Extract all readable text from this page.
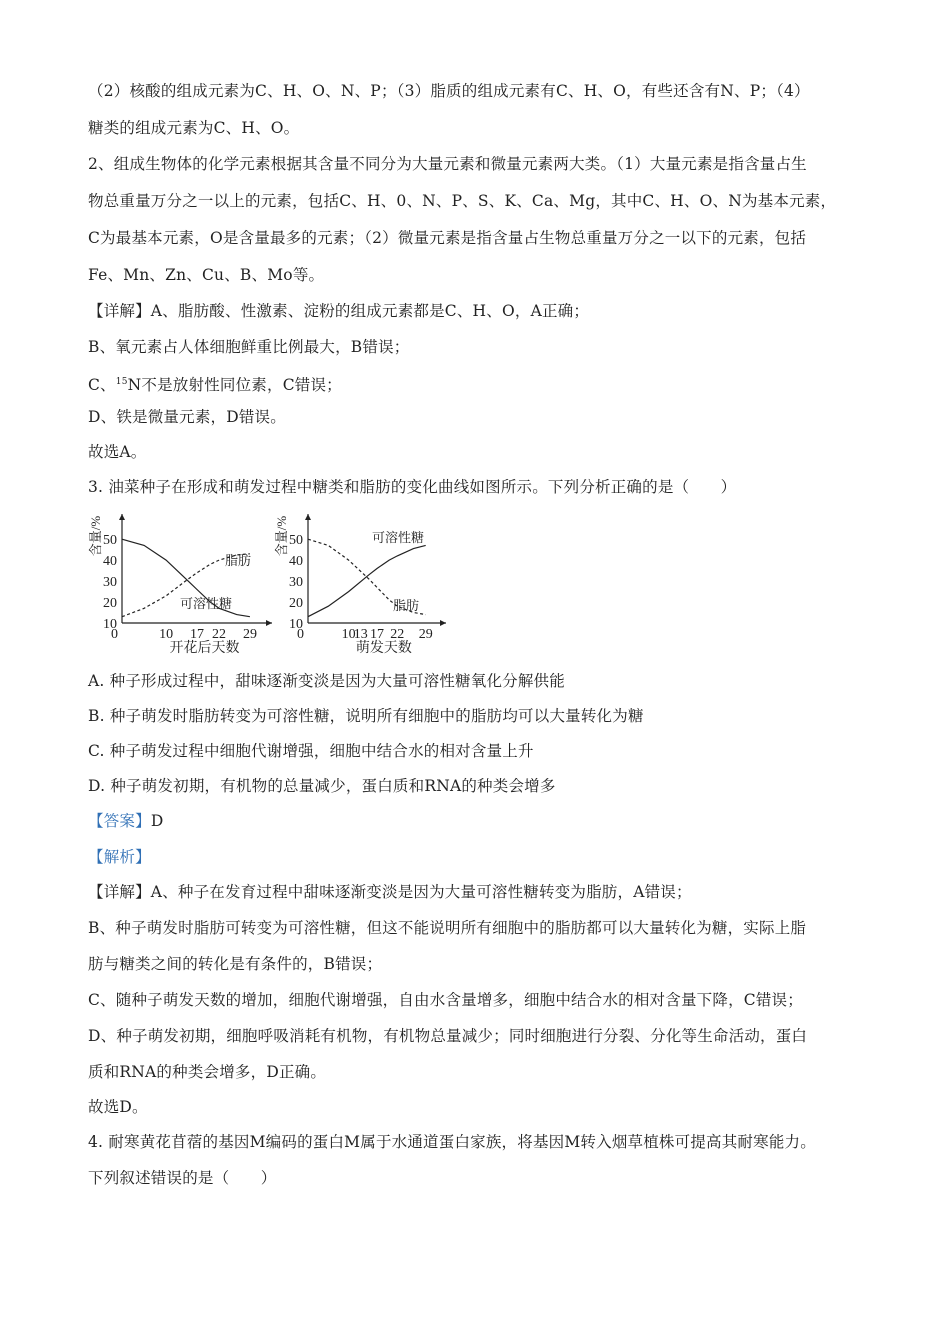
（2）核酸的组成元素为C、H、O、N、P；（3）脂质的组成元素有C、H、O，有些还含有N、P；（4）
糖类的组成元素为C、H、O。
2、组成生物体的化学元素根据其含量不同分为大量元素和微量元素两大类。（1）大量元素是指含量占生
物总重量万分之一以上的元素，包括C、H、0、N、P、S、K、Ca、Mg，其中C、H、O、N为基本元素，
C为最基本元素，O是含量最多的元素；（2）微量元素是指含量占生物总重量万分之一以下的元素，包括
Fe、Mn、Zn、Cu、B、Mo等。
【详解】A、脂肪酸、性激素、淀粉的组成元素都是C、H、O，A正确；
B、氧元素占人体细胞鲜重比例最大，B错误；
C、$^{15}$N不是放射性同位素，C错误；
D、铁是微量元素，D错误。
故选A。
3. 油菜种子在形成和萌发过程中糖类和脂肪的变化曲线如图所示。下列分析正确的是（　　）
10
20
30
40
50
0	10 17 22 29
含量/%
开花后天数
可溶性糖
脂肪
10
20
30
40
50
0	10
13 17 22 29
含量/%
萌发天数
可溶性糖
脂肪
A. 种子形成过程中，甜味逐渐变淡是因为大量可溶性糖氧化分解供能
B. 种子萌发时脂肪转变为可溶性糖，说明所有细胞中的脂肪均可以大量转化为糖
C. 种子萌发过程中细胞代谢增强，细胞中结合水的相对含量上升
D. 种子萌发初期，有机物的总量减少，蛋白质和RNA的种类会增多
【答案】D
【解析】
【详解】A、种子在发育过程中甜味逐渐变淡是因为大量可溶性糖转变为脂肪，A错误；
B、种子萌发时脂肪可转变为可溶性糖，但这不能说明所有细胞中的脂肪都可以大量转化为糖，实际上脂
肪与糖类之间的转化是有条件的，B错误；
C、随种子萌发天数的增加，细胞代谢增强，自由水含量增多，细胞中结合水的相对含量下降，C错误；
D、种子萌发初期，细胞呼吸消耗有机物，有机物总量减少；同时细胞进行分裂、分化等生命活动，蛋白
质和RNA的种类会增多，D正确。
故选D。
4. 耐寒黄花苜蓿的基因M编码的蛋白M属于水通道蛋白家族，将基因M转入烟草植株可提高其耐寒能力。
下列叙述错误的是（　　）
